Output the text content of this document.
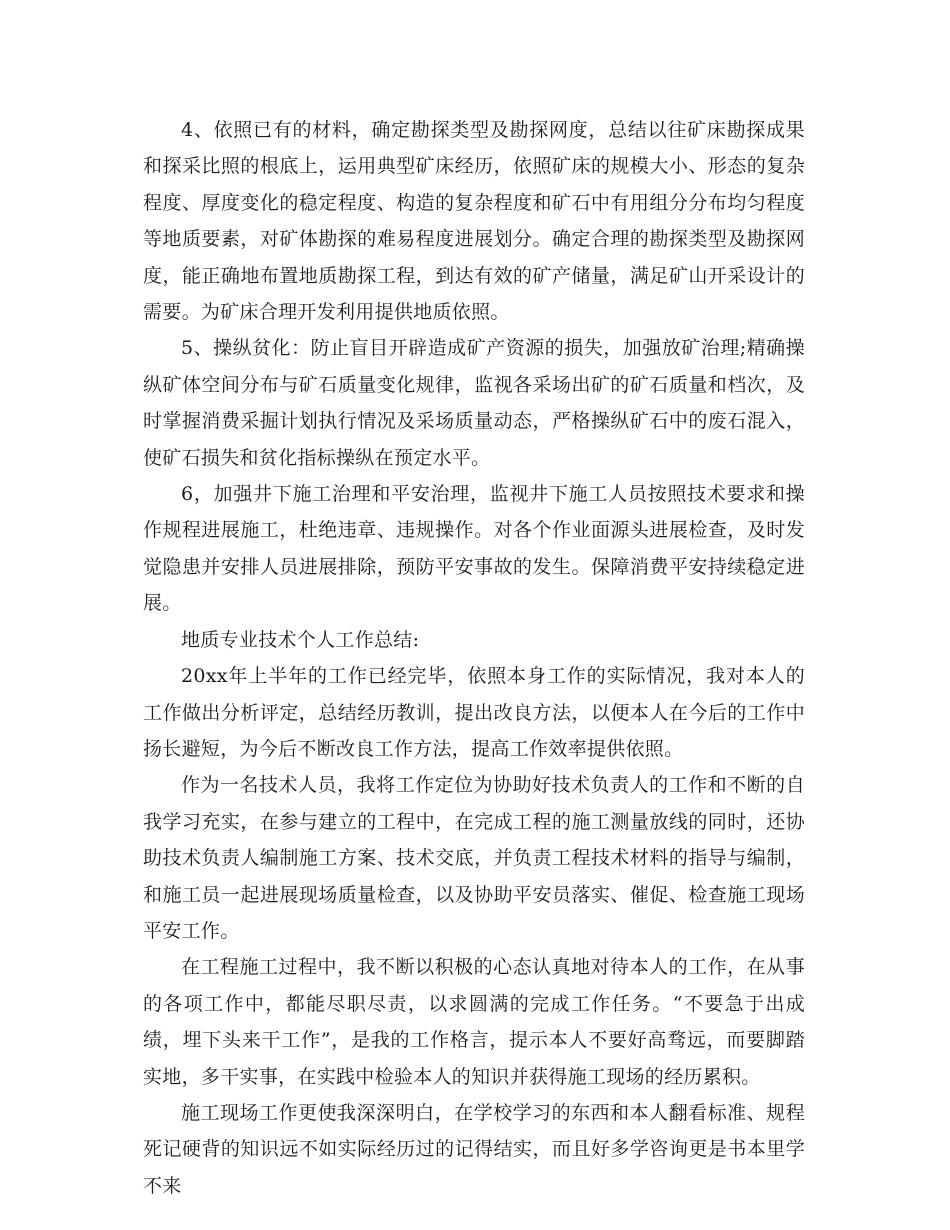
4、依照已有的材料，确定勘探类型及勘探网度，总结以往矿床勘探成果和探采比照的根底上，运用典型矿床经历，依照矿床的规模大小、形态的复杂程度、厚度变化的稳定程度、构造的复杂程度和矿石中有用组分分布均匀程度等地质要素，对矿体勘探的难易程度进展划分。确定合理的勘探类型及勘探网度，能正确地布置地质勘探工程，到达有效的矿产储量，满足矿山开采设计的需要。为矿床合理开发利用提供地质依照。

5、操纵贫化：防止盲目开辟造成矿产资源的损失，加强放矿治理;精确操纵矿体空间分布与矿石质量变化规律，监视各采场出矿的矿石质量和档次，及时掌握消费采掘计划执行情况及采场质量动态，严格操纵矿石中的废石混入，使矿石损失和贫化指标操纵在预定水平。

6，加强井下施工治理和平安治理，监视井下施工人员按照技术要求和操作规程进展施工，杜绝违章、违规操作。对各个作业面源头进展检查，及时发觉隐患并安排人员进展排除，预防平安事故的发生。保障消费平安持续稳定进展。

地质专业技术个人工作总结:

20xx年上半年的工作已经完毕，依照本身工作的实际情况，我对本人的工作做出分析评定，总结经历教训，提出改良方法，以便本人在今后的工作中扬长避短，为今后不断改良工作方法，提高工作效率提供依照。

作为一名技术人员，我将工作定位为协助好技术负责人的工作和不断的自我学习充实，在参与建立的工程中，在完成工程的施工测量放线的同时，还协助技术负责人编制施工方案、技术交底，并负责工程技术材料的指导与编制，和施工员一起进展现场质量检查，以及协助平安员落实、催促、检查施工现场平安工作。

在工程施工过程中，我不断以积极的心态认真地对待本人的工作，在从事的各项工作中，都能尽职尽责，以求圆满的完成工作任务。“不要急于出成绩，埋下头来干工作”，是我的工作格言，提示本人不要好高骛远，而要脚踏实地，多干实事，在实践中检验本人的知识并获得施工现场的经历累积。

施工现场工作更使我深深明白，在学校学习的东西和本人翻看标准、规程死记硬背的知识远不如实际经历过的记得结实，而且好多学咨询更是书本里学不来
